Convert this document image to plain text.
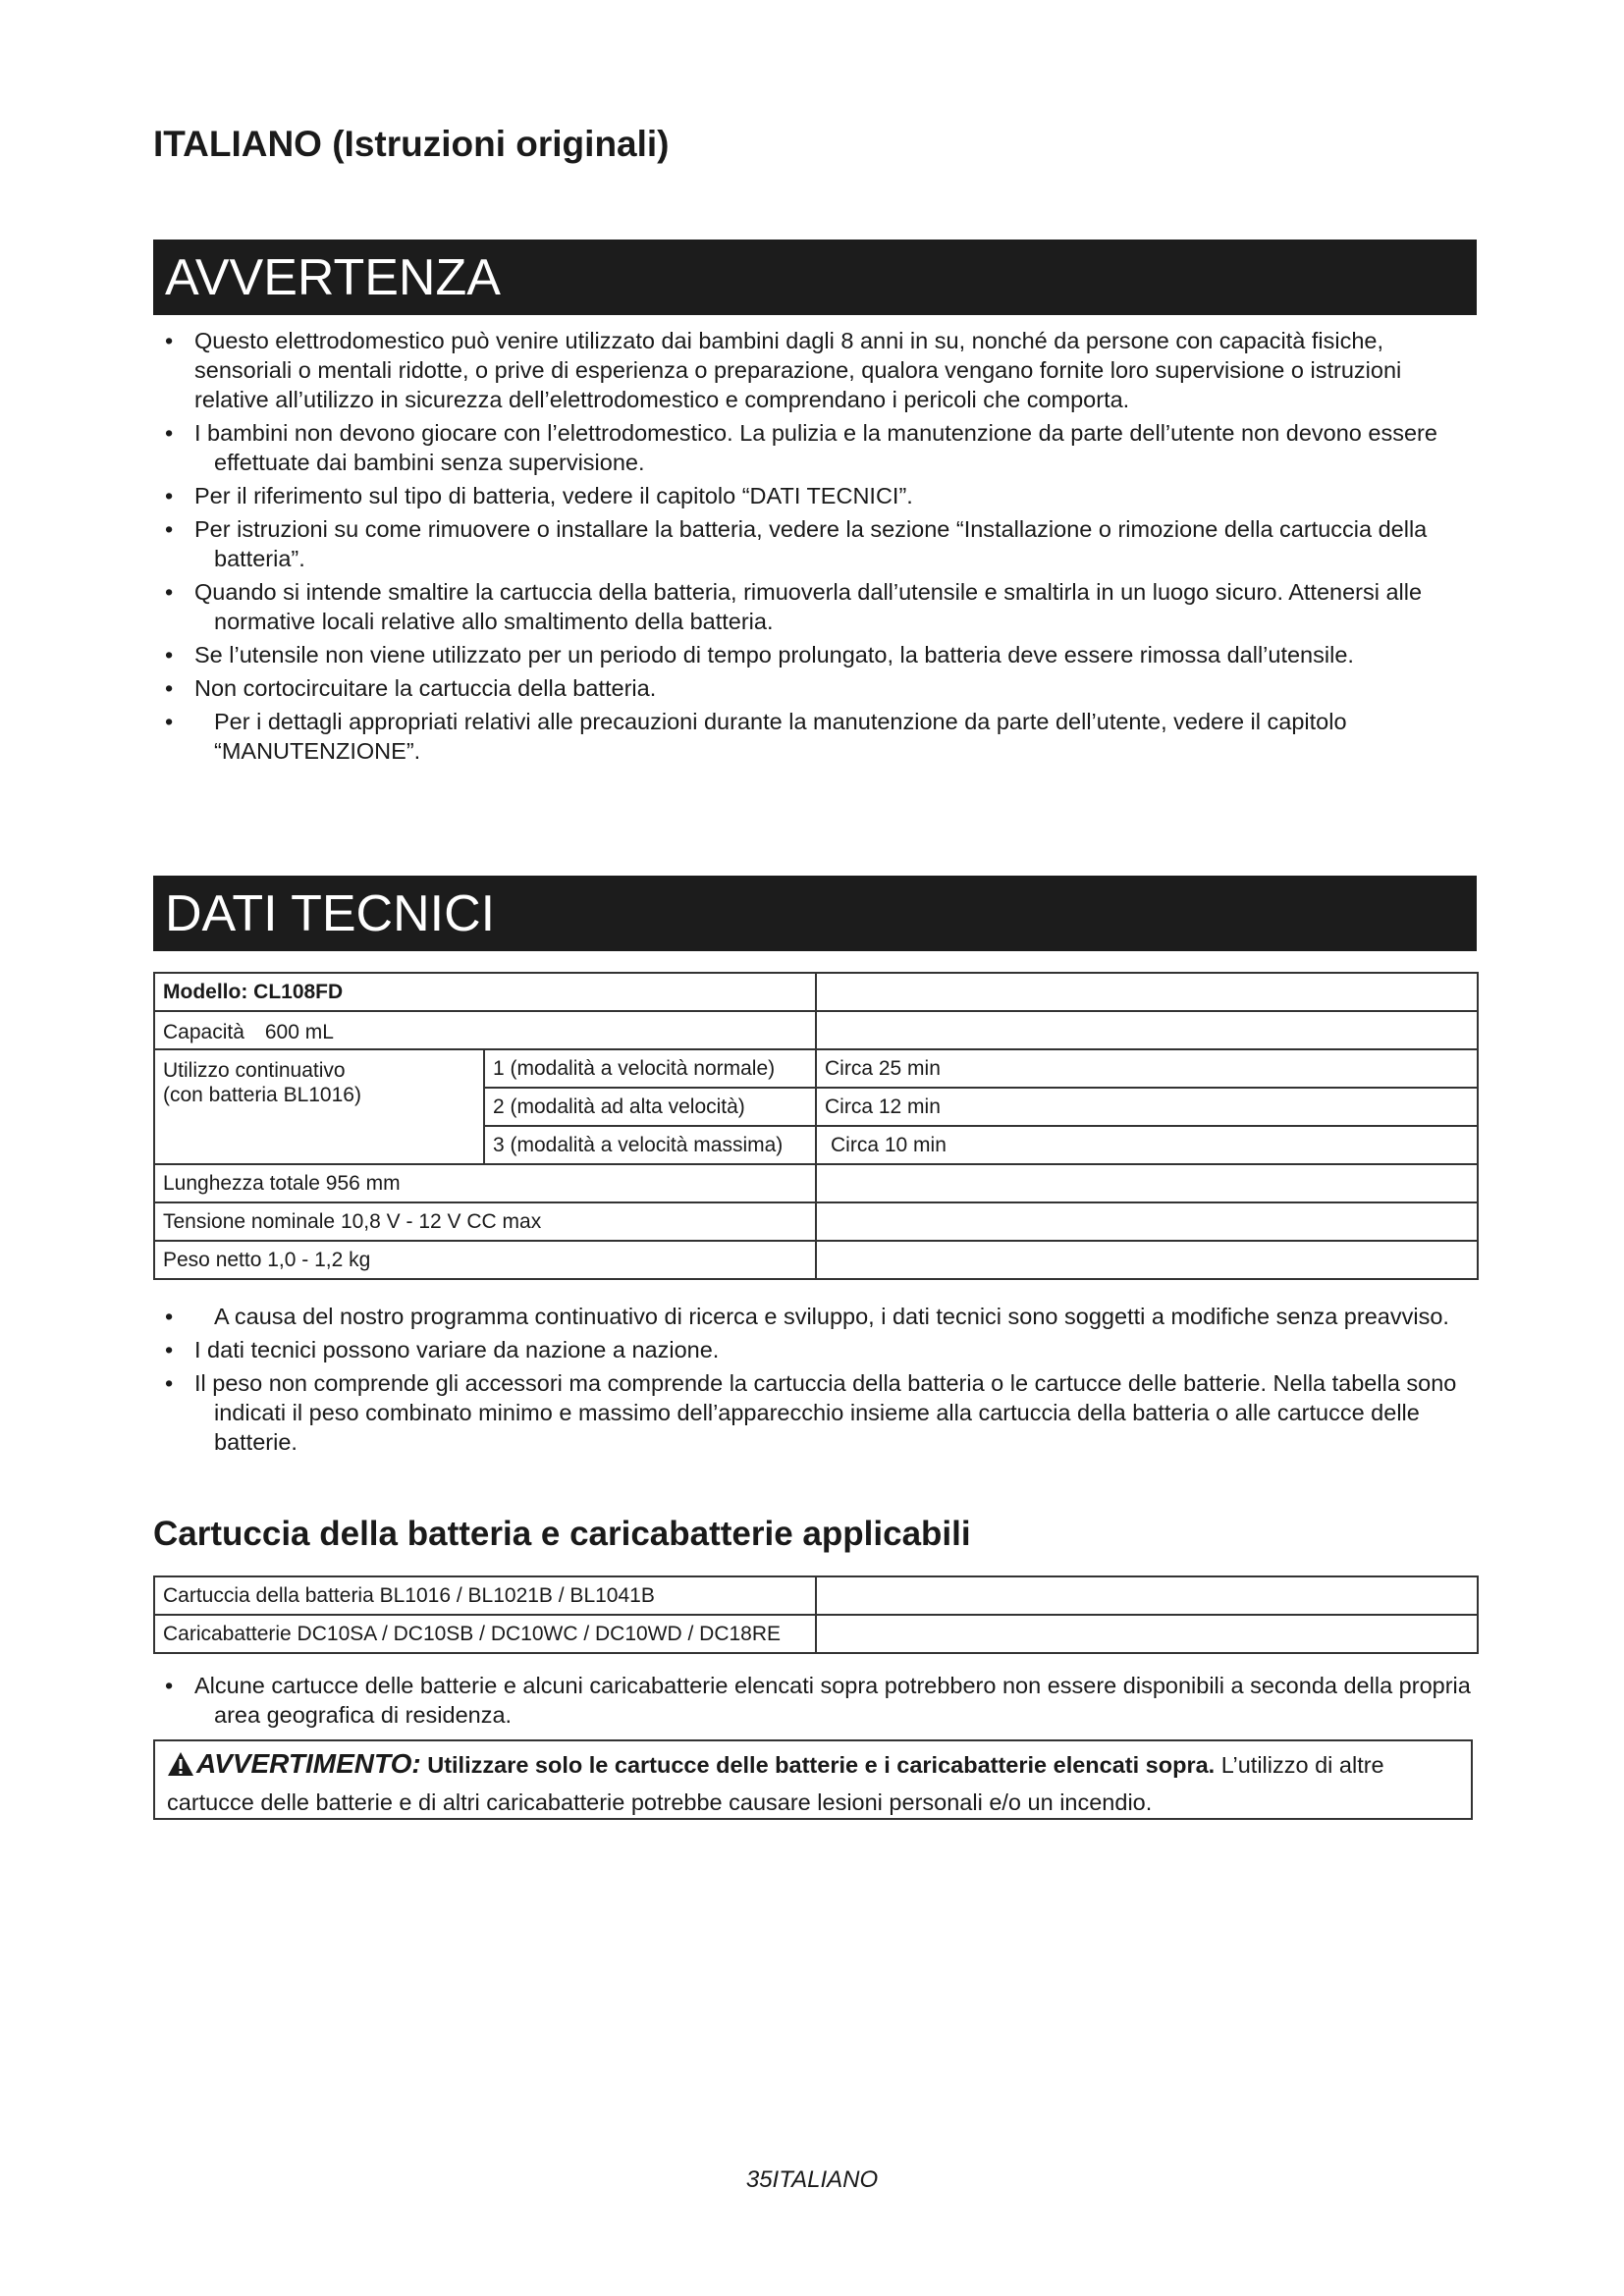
ITALIANO (Istruzioni originali)
AVVERTENZA
• Questo elettrodomestico può venire utilizzato dai bambini dagli 8 anni in su, nonché da persone con capacità fisiche, sensoriali o mentali ridotte, o prive di esperienza o preparazione, qualora vengano fornite loro supervisione o istruzioni relative all’utilizzo in sicurezza dell’elettrodomestico e comprendano i pericoli che comporta.
• I bambini non devono giocare con l’elettrodomestico. La pulizia e la manutenzione da parte dell’utente non devono essere effettuate dai bambini senza supervisione.
• Per il riferimento sul tipo di batteria, vedere il capitolo “DATI TECNICI”.
• Per istruzioni su come rimuovere o installare la batteria, vedere la sezione “Installazione o rimozione della cartuccia della batteria”.
• Quando si intende smaltire la cartuccia della batteria, rimuoverla dall’utensile e smaltirla in un luogo sicuro. Attenersi alle normative locali relative allo smaltimento della batteria.
• Se l’utensile non viene utilizzato per un periodo di tempo prolungato, la batteria deve essere rimossa dall’utensile.
• Non cortocircuitare la cartuccia della batteria.
• Per i dettagli appropriati relativi alle precauzioni durante la manutenzione da parte dell’utente, vedere il capitolo “MANUTENZIONE”.
DATI TECNICI
Modello: CL108FD		
Capacità　600 mL		
Utilizzo continuativo
(con batteria BL1016)	1 (modalità a velocità normale)	Circa 25 min
	2 (modalità ad alta velocità)	Circa 12 min
	3 (modalità a velocità massima)	Circa 10 min
Lunghezza totale 956 mm		
Tensione nominale 10,8 V - 12 V CC max		
Peso netto 1,0 - 1,2 kg		
• A causa del nostro programma continuativo di ricerca e sviluppo, i dati tecnici sono soggetti a modifiche senza preavviso.
• I dati tecnici possono variare da nazione a nazione.
• Il peso non comprende gli accessori ma comprende la cartuccia della batteria o le cartucce delle batterie. Nella tabella sono indicati il peso combinato minimo e massimo dell’apparecchio insieme alla cartuccia della batteria o alle cartucce delle batterie.
Cartuccia della batteria e caricabatterie applicabili
Cartuccia della batteria BL1016 / BL1021B / BL1041B	
Caricabatterie DC10SA / DC10SB / DC10WC / DC10WD / DC18RE	
• Alcune cartucce delle batterie e alcuni caricabatterie elencati sopra potrebbero non essere disponibili a seconda della propria area geografica di residenza.
AVVERTIMENTO: Utilizzare solo le cartucce delle batterie e i caricabatterie elencati sopra. L’utilizzo di altre cartucce delle batterie e di altri caricabatterie potrebbe causare lesioni personali e/o un incendio.
35ITALIANO
